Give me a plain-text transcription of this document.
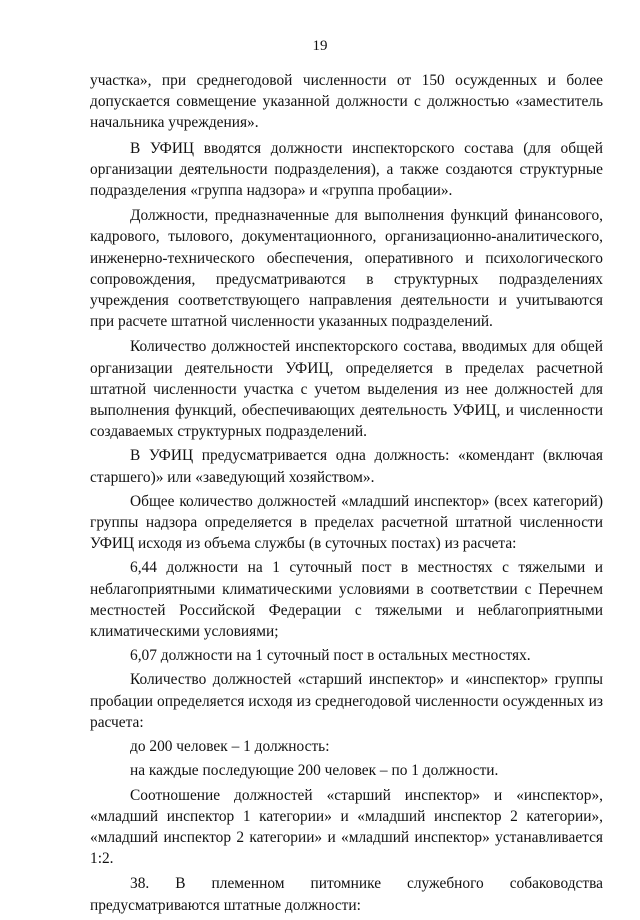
19

участка», при среднегодовой численности от 150 осужденных и более допускается совмещение указанной должности с должностью «заместитель начальника учреждения».

В УФИЦ вводятся должности инспекторского состава (для общей организации деятельности подразделения), а также создаются структурные подразделения «группа надзора» и «группа пробации».

Должности, предназначенные для выполнения функций финансового, кадрового, тылового, документационного, организационно-аналитического, инженерно-технического обеспечения, оперативного и психологического сопровождения, предусматриваются в структурных подразделениях учреждения соответствующего направления деятельности и учитываются при расчете штатной численности указанных подразделений.

Количество должностей инспекторского состава, вводимых для общей организации деятельности УФИЦ, определяется в пределах расчетной штатной численности участка с учетом выделения из нее должностей для выполнения функций, обеспечивающих деятельность УФИЦ, и численности создаваемых структурных подразделений.

В УФИЦ предусматривается одна должность: «комендант (включая старшего)» или «заведующий хозяйством».

Общее количество должностей «младший инспектор» (всех категорий) группы надзора определяется в пределах расчетной штатной численности УФИЦ исходя из объема службы (в суточных постах) из расчета:

6,44 должности на 1 суточный пост в местностях с тяжелыми и неблагоприятными климатическими условиями в соответствии с Перечнем местностей Российской Федерации с тяжелыми и неблагоприятными климатическими условиями;

6,07 должности на 1 суточный пост в остальных местностях.

Количество должностей «старший инспектор» и «инспектор» группы пробации определяется исходя из среднегодовой численности осужденных из расчета:

до 200 человек – 1 должность:

на каждые последующие 200 человек – по 1 должности.

Соотношение должностей «старший инспектор» и «инспектор», «младший инспектор 1 категории» и «младший инспектор 2 категории», «младший инспектор 2 категории» и «младший инспектор» устанавливается 1:2.

38. В племенном питомнике служебного собаководства предусматриваются штатные должности:
